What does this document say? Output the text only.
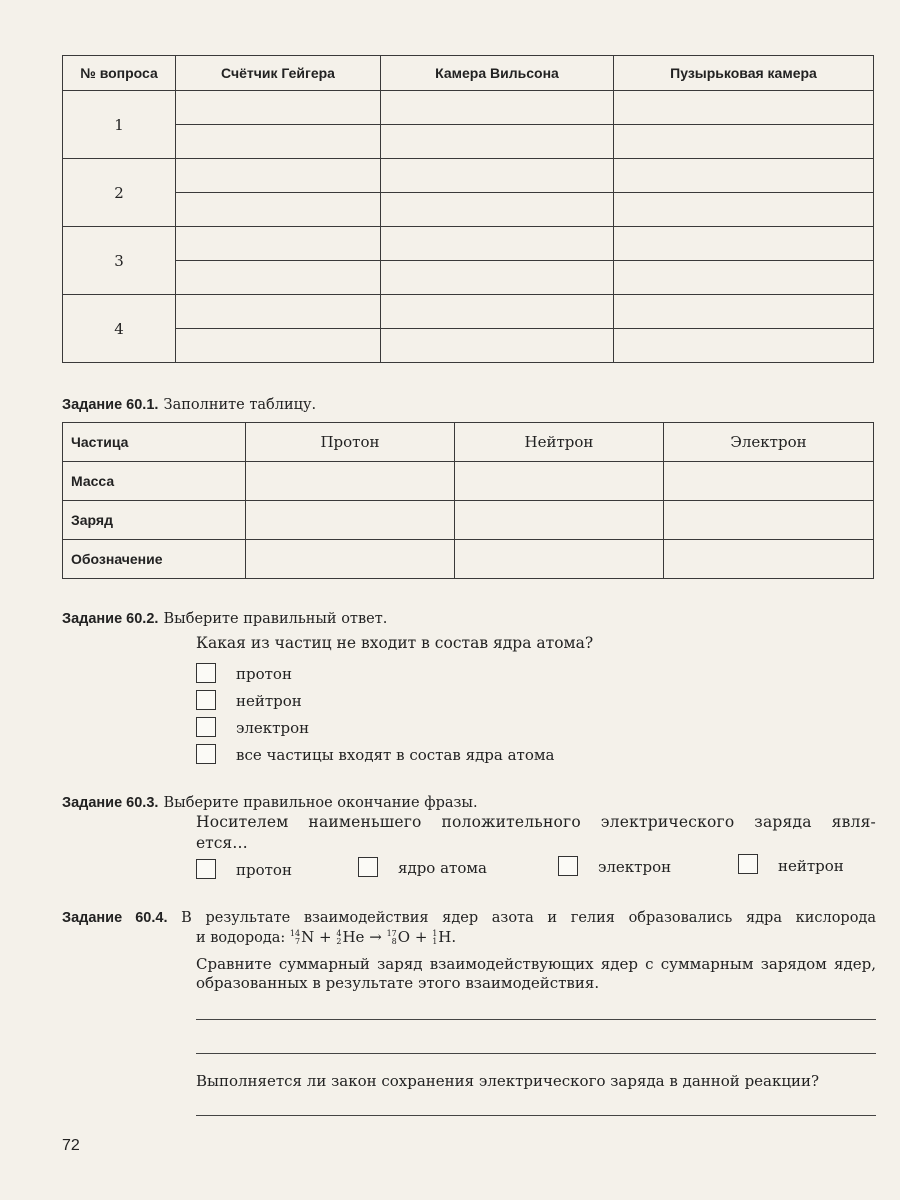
№ вопроса	Счётчик Гейгера	Камера Вильсона	Пузырьковая камера
1			

2			

3			

4			

Задание 60.1. Заполните таблицу.
Частица	Протон	Нейтрон	Электрон
Масса			
Заряд			
Обозначение			
Задание 60.2. Выберите правильный ответ.
Какая из частиц не входит в состав ядра атома?
протон
нейтрон
электрон
все частицы входят в состав ядра атома
Задание 60.3. Выберите правильное окончание фразы.
Носителем наименьшего положительного электрического заряда явля-
ется…
протон	ядро атома	электрон	нейтрон
Задание 60.4. В результате взаимодействия ядер азота и гелия образовались ядра кислорода
и водорода: 14
7 N + 4
2 He → 17
8 O + 1
1 H.
Сравните суммарный заряд взаимодействующих ядер с суммарным зарядом ядер,
образованных в результате этого взаимодействия.
Выполняется ли закон сохранения электрического заряда в данной реакции?
72
